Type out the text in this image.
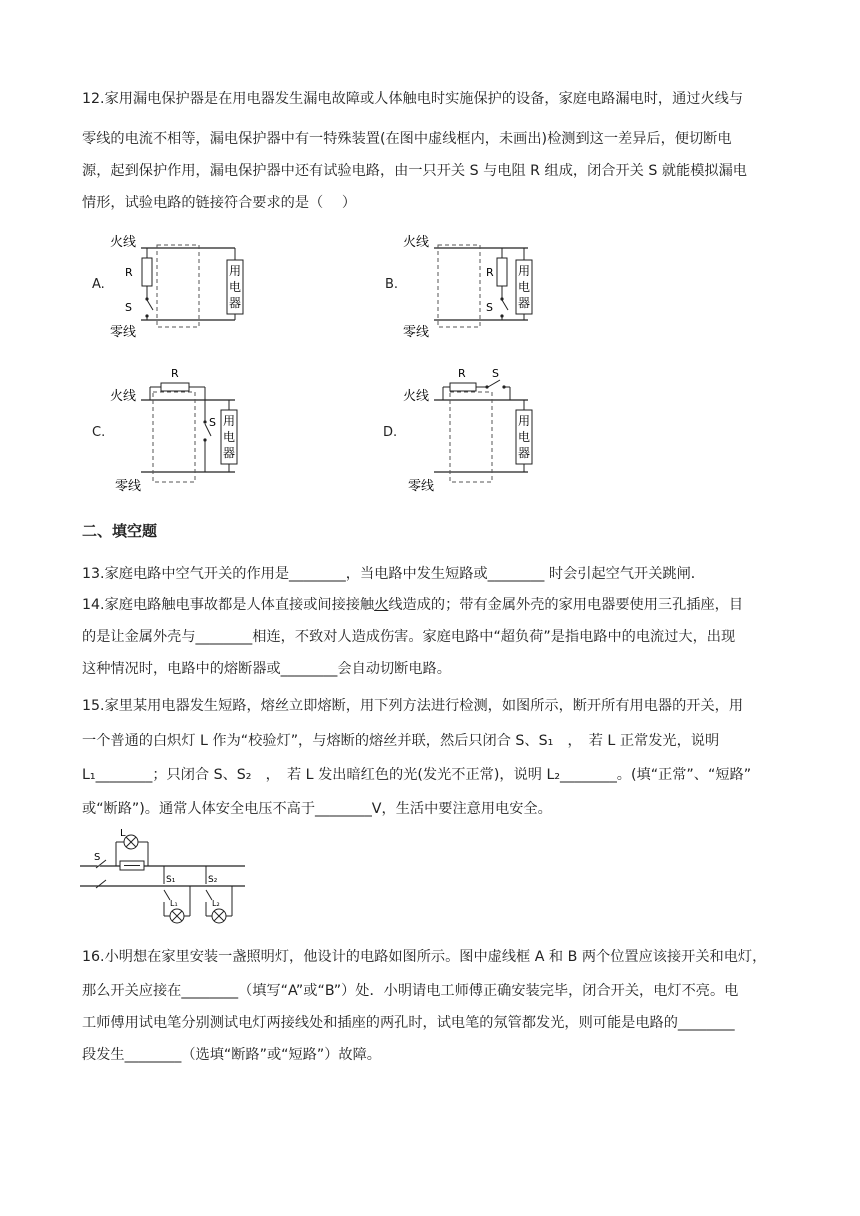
12.家用漏电保护器是在用电器发生漏电故障或人体触电时实施保护的设备，家庭电路漏电时，通过火线与
零线的电流不相等，漏电保护器中有一特殊装置(在图中虚线框内，未画出)检测到这一差异后，便切断电
源，起到保护作用，漏电保护器中还有试验电路，由一只开关 S 与电阻 R 组成，闭合开关 S 就能模拟漏电
情形，试验电路的链接符合要求的是（　 ）
A.	B.
C.	D.
火线
零线
R
S
用
电
器
火线
零线
R
S
用
电
器
火线
零线
R
S 用
电
器
火线
零线
R S
用
电
器
二、填空题
13.家庭电路中空气开关的作用是________，当电路中发生短路或________ 时会引起空气开关跳闸．
14.家庭电路触电事故都是人体直接或间接接触火线造成的；带有金属外壳的家用电器要使用三孔插座，目
的是让金属外壳与________相连，不致对人造成伤害。家庭电路中“超负荷”是指电路中的电流过大，出现
这种情况时，电路中的熔断器或________会自动切断电路。
15.家里某用电器发生短路，熔丝立即熔断，用下列方法进行检测，如图所示，断开所有用电器的开关，用
一个普通的白炽灯 L 作为“校验灯”，与熔断的熔丝并联，然后只闭合 S、S₁　，　若 L 正常发光，说明
L₁________；只闭合 S、S₂　，　若 L 发出暗红色的光(发光不正常)，说明 L₂________。(填“正常”、“短路”
或“断路”)。通常人体安全电压不高于________V，生活中要注意用电安全。
S
L
S₁
L₁
S₂
L₂
16.小明想在家里安装一盏照明灯，他设计的电路如图所示。图中虚线框 A 和 B 两个位置应该接开关和电灯，
那么开关应接在________（填写“A”或“B”）处．小明请电工师傅正确安装完毕，闭合开关，电灯不亮。电
工师傅用试电笔分别测试电灯两接线处和插座的两孔时，试电笔的氖管都发光，则可能是电路的________
段发生________（选填“断路”或“短路”）故障。
